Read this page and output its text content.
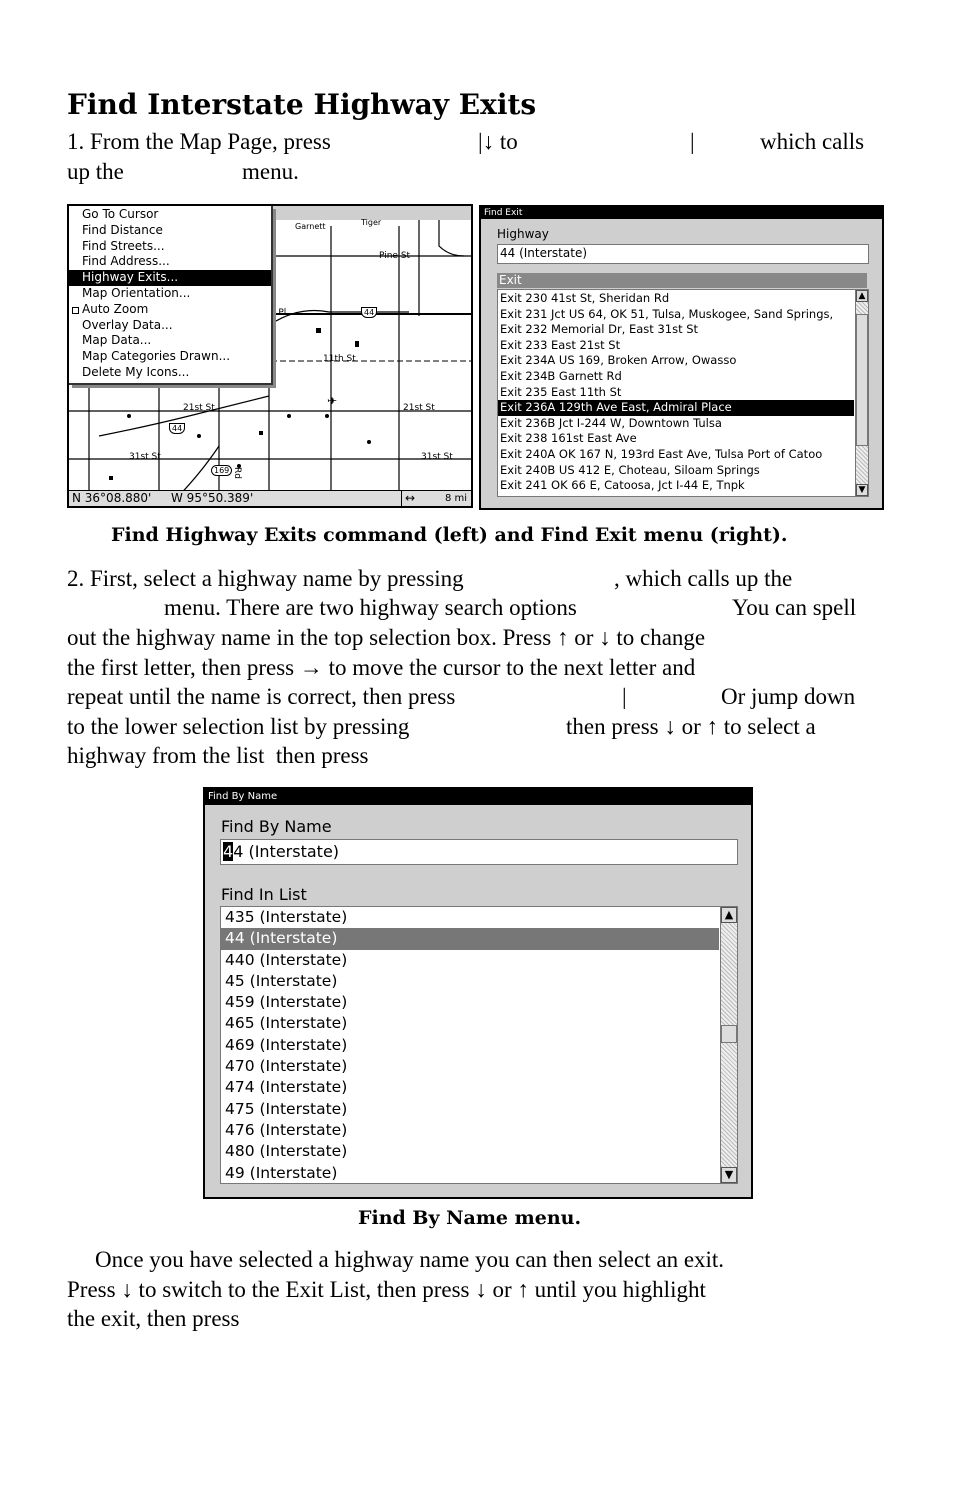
Find Interstate Highway Exits
1. From the Map Page, press	|↓ to	|	which calls
up the	menu.
Garnett	Tiger
Pine St
44
44
169
l Pl
11th St
21st St	21st St
31st St	31st St
Rd
✈
Go To Cursor
Find Distance
Find Streets...
Find Address...
Highway Exits...
Map Orientation...
Auto Zoom
Overlay Data...
Map Data...
Map Categories Drawn...
Delete My Icons...
N 36°08.880' W 95°50.389'	↔	8 mi
Find Exit
Highway
44 (Interstate)
Exit
Exit 230 41st St, Sheridan Rd
Exit 231 Jct US 64, OK 51, Tulsa, Muskogee, Sand Springs,
Exit 232 Memorial Dr, East 31st St
Exit 233 East 21st St
Exit 234A US 169, Broken Arrow, Owasso
Exit 234B Garnett Rd
Exit 235 East 11th St
Exit 236A 129th Ave East, Admiral Place
Exit 236B Jct I-244 W, Downtown Tulsa
Exit 238 161st East Ave
Exit 240A OK 167 N, 193rd East Ave, Tulsa Port of Catoo
Exit 240B US 412 E, Choteau, Siloam Springs
Exit 241 OK 66 E, Catoosa, Jct I-44 E, Tnpk
▲
▼
Find Highway Exits command (left) and Find Exit menu (right).
2. First, select a highway name by pressing	, which calls up the
menu. There are two highway search options	You can spell
out the highway name in the top selection box. Press ↑ or ↓ to change
the first letter, then press → to move the cursor to the next letter and
repeat until the name is correct, then press	|	Or jump down
to the lower selection list by pressing	then press ↓ or ↑ to select a
highway from the list  then press
Find By Name
Find By Name
44 (Interstate)
Find In List
435 (Interstate)
44 (Interstate)
440 (Interstate)
45 (Interstate)
459 (Interstate)
465 (Interstate)
469 (Interstate)
470 (Interstate)
474 (Interstate)
475 (Interstate)
476 (Interstate)
480 (Interstate)
49 (Interstate)
▲
▼
Find By Name menu.
Once you have selected a highway name you can then select an exit.
Press ↓ to switch to the Exit List, then press ↓ or ↑ until you highlight
the exit, then press
